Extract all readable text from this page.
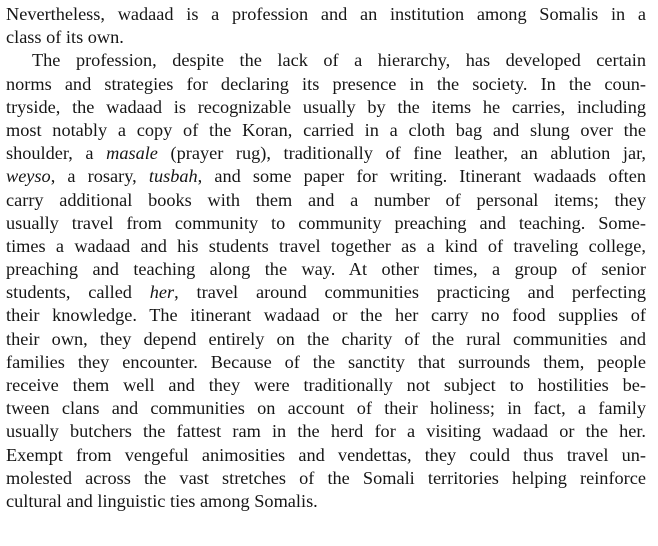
Nevertheless, wadaad is a profession and an institution among Somalis in a
class of its own.
The profession, despite the lack of a hierarchy, has developed certain
norms and strategies for declaring its presence in the society. In the coun-
tryside, the wadaad is recognizable usually by the items he carries, including
most notably a copy of the Koran, carried in a cloth bag and slung over the
shoulder, a masale (prayer rug), traditionally of fine leather, an ablution jar,
weyso, a rosary, tusbah, and some paper for writing. Itinerant wadaads often
carry additional books with them and a number of personal items; they
usually travel from community to community preaching and teaching. Some-
times a wadaad and his students travel together as a kind of traveling college,
preaching and teaching along the way. At other times, a group of senior
students, called her, travel around communities practicing and perfecting
their knowledge. The itinerant wadaad or the her carry no food supplies of
their own, they depend entirely on the charity of the rural communities and
families they encounter. Because of the sanctity that surrounds them, people
receive them well and they were traditionally not subject to hostilities be-
tween clans and communities on account of their holiness; in fact, a family
usually butchers the fattest ram in the herd for a visiting wadaad or the her.
Exempt from vengeful animosities and vendettas, they could thus travel un-
molested across the vast stretches of the Somali territories helping reinforce
cultural and linguistic ties among Somalis.
